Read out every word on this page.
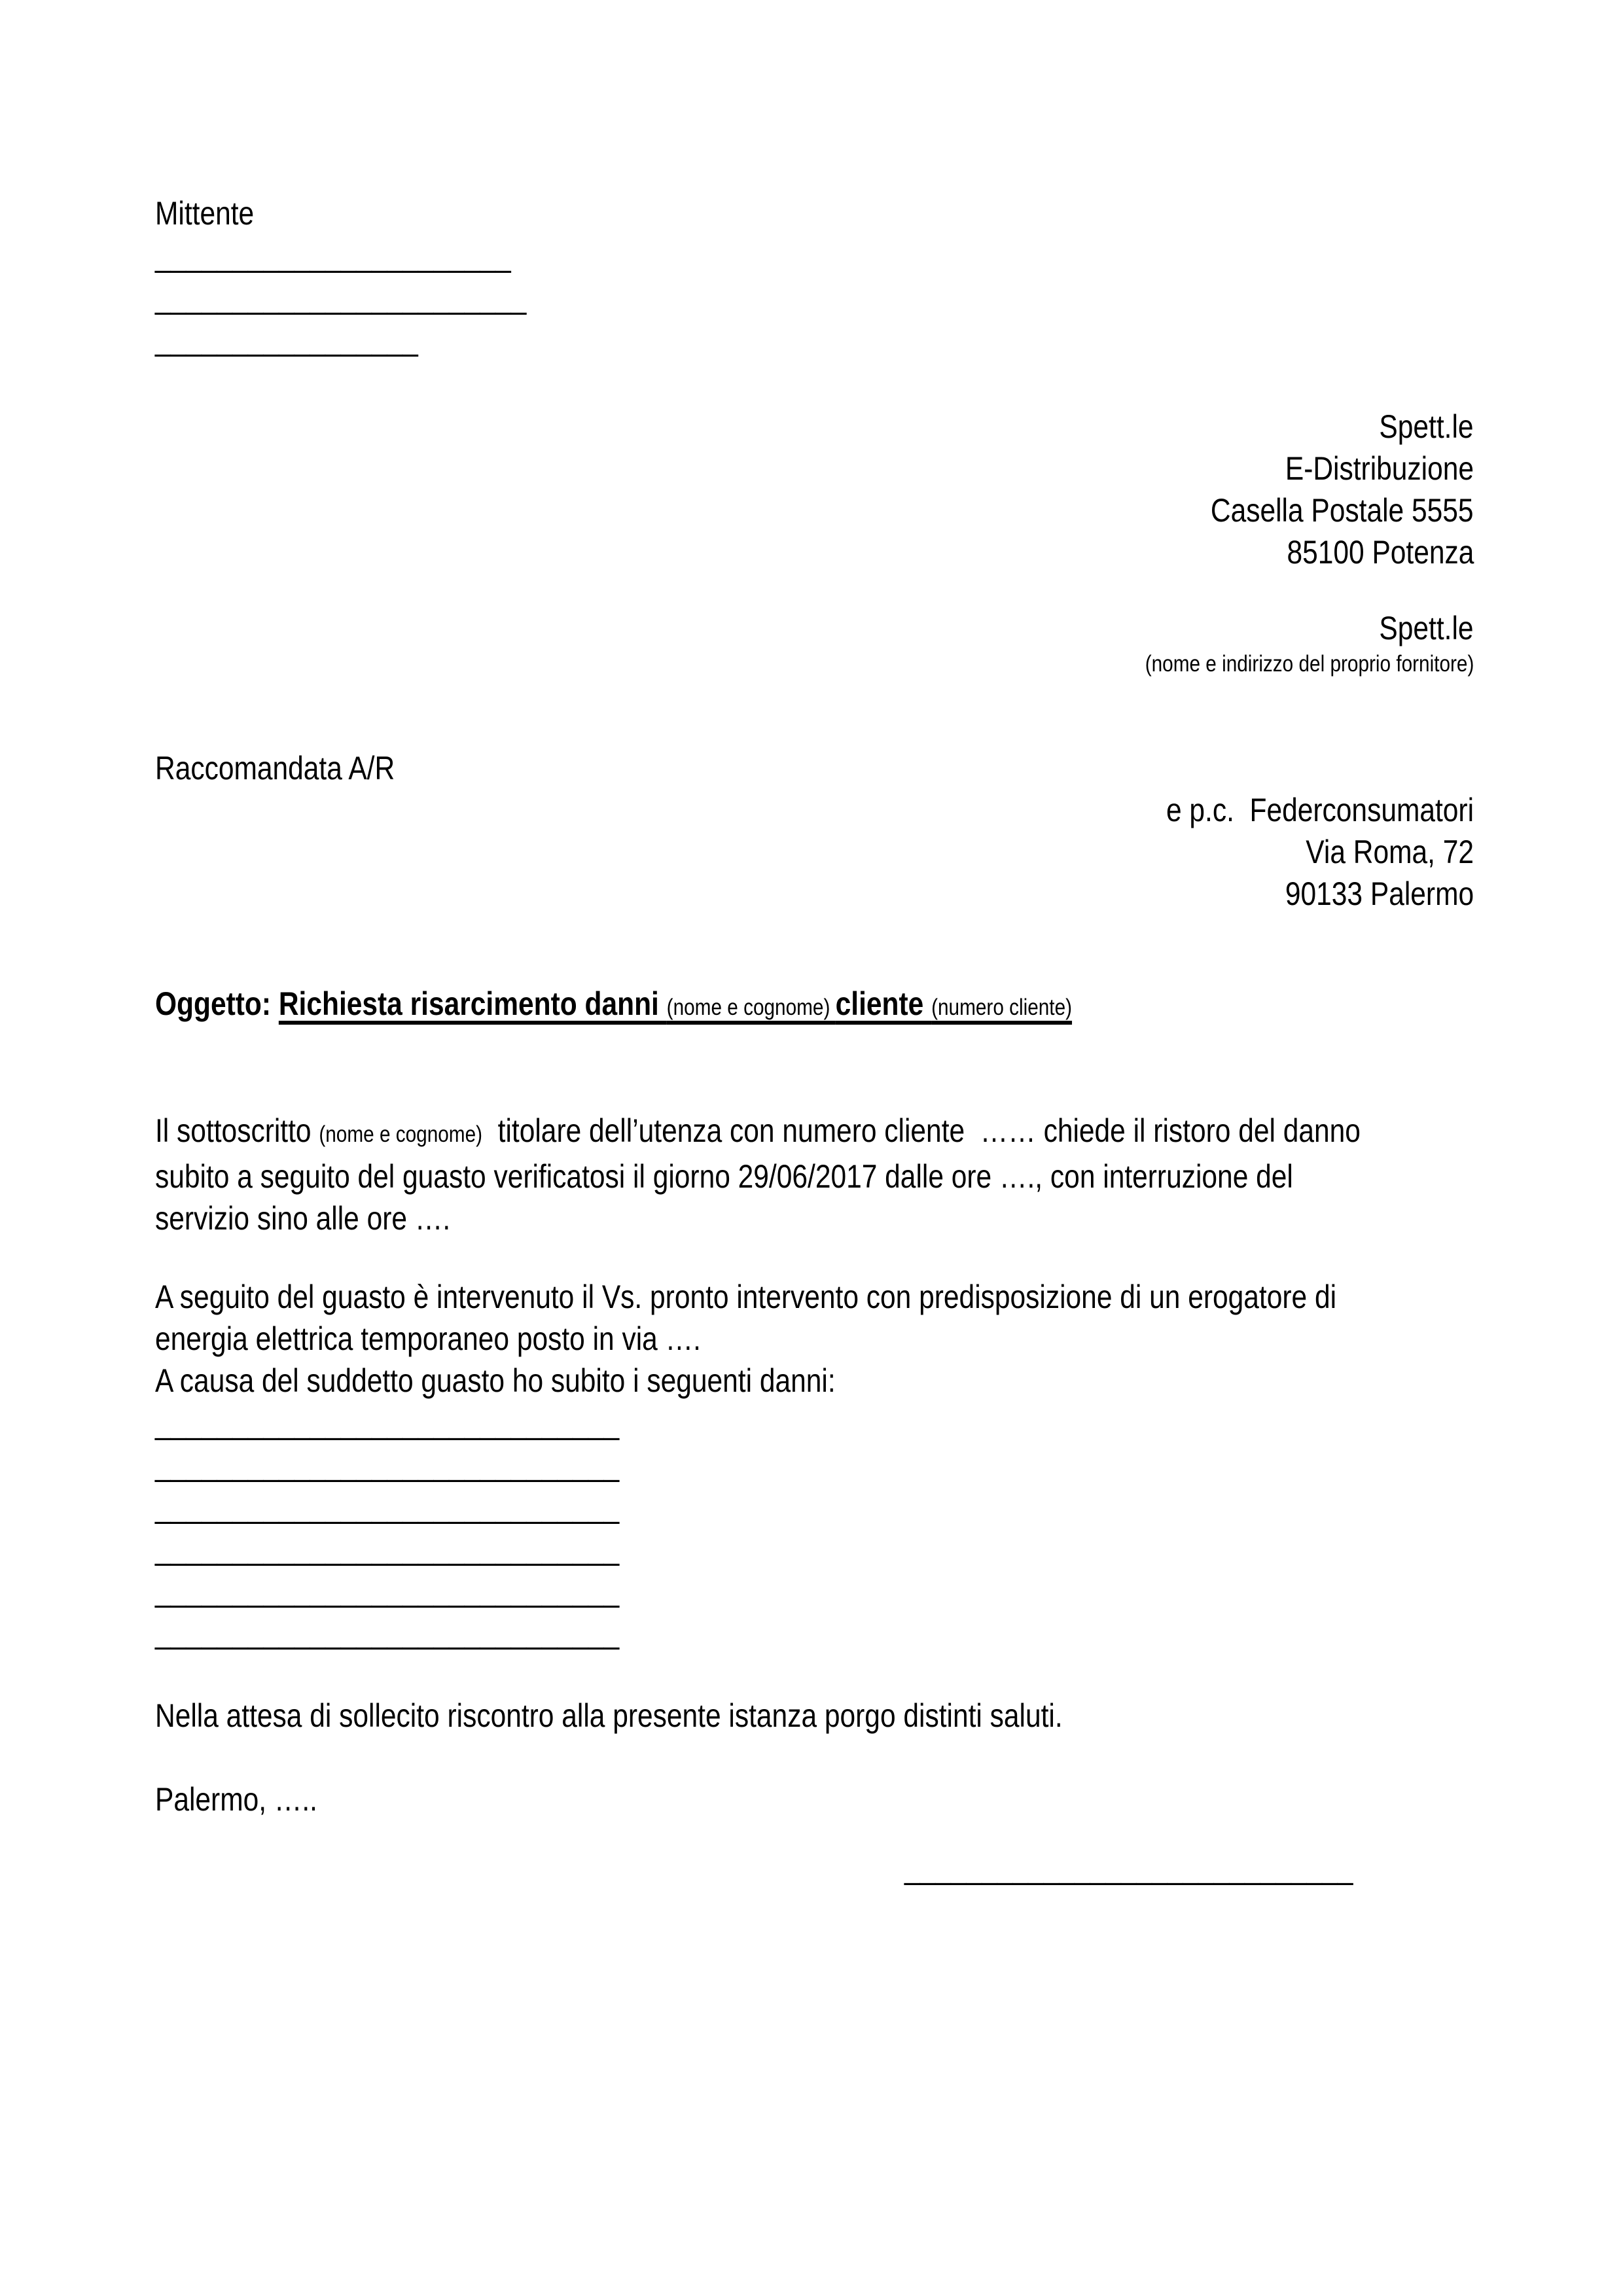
Mittente
_______________________
________________________
_________________
Spett.le
E-Distribuzione
Casella Postale 5555
85100 Potenza
Spett.le
(nome e indirizzo del proprio fornitore)
Raccomandata A/R
e p.c.  Federconsumatori
Via Roma, 72
90133 Palermo
Oggetto: Richiesta risarcimento danni (nome e cognome) cliente (numero cliente)
Il sottoscritto (nome e cognome)  titolare dell’utenza con numero cliente  …… chiede il ristoro del danno
subito a seguito del guasto verificatosi il giorno 29/06/2017 dalle ore …., con interruzione del
servizio sino alle ore ….
A seguito del guasto è intervenuto il Vs. pronto intervento con predisposizione di un erogatore di
energia elettrica temporaneo posto in via ….
A causa del suddetto guasto ho subito i seguenti danni:
______________________________
______________________________
______________________________
______________________________
______________________________
______________________________
Nella attesa di sollecito riscontro alla presente istanza porgo distinti saluti.
Palermo, …..
_____________________________
